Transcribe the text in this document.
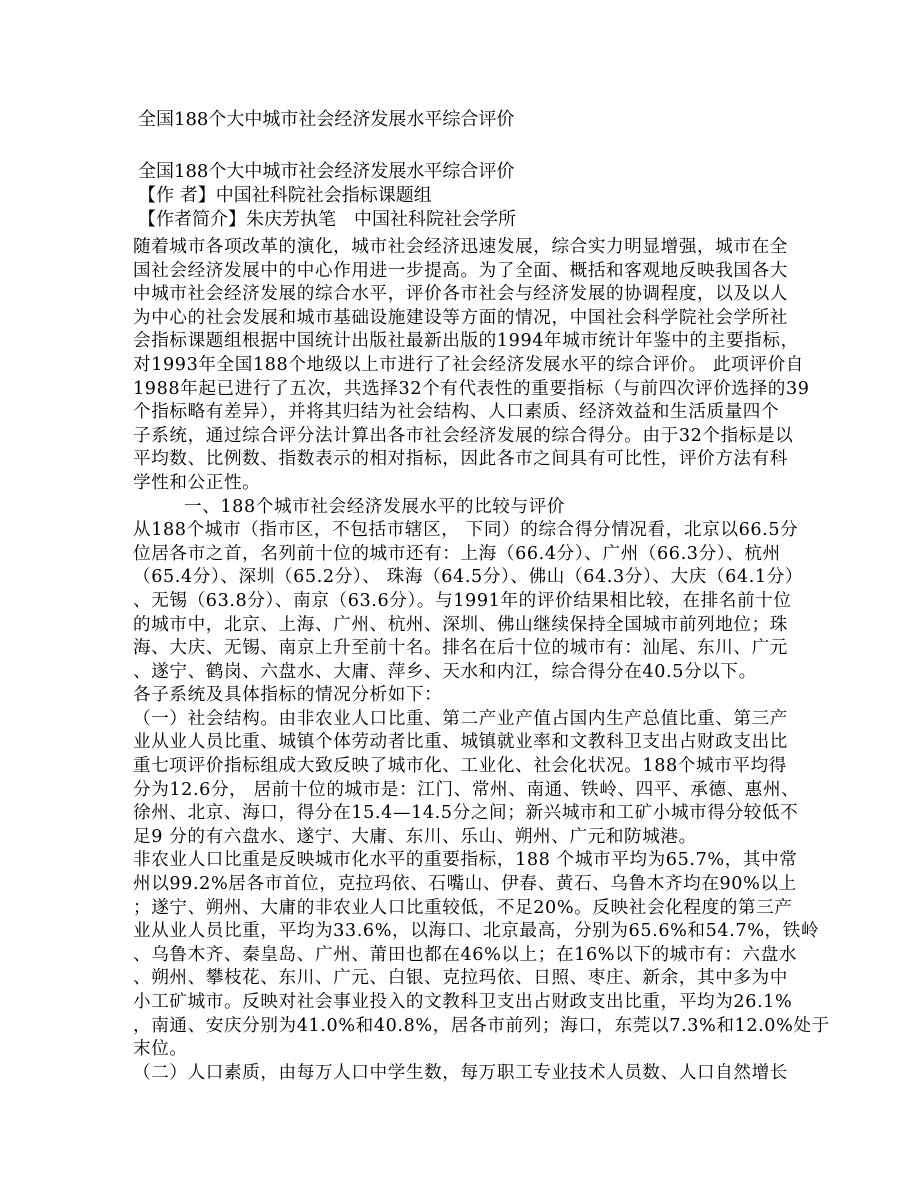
全国188个大中城市社会经济发展水平综合评价
全国188个大中城市社会经济发展水平综合评价
【作 者】中国社科院社会指标课题组
【作者简介】朱庆芳执笔　中国社科院社会学所
随着城市各项改革的演化，城市社会经济迅速发展，综合实力明显增强，城市在全
国社会经济发展中的中心作用进一步提高。为了全面、概括和客观地反映我国各大
中城市社会经济发展的综合水平，评价各市社会与经济发展的协调程度，以及以人
为中心的社会发展和城市基础设施建设等方面的情况，中国社会科学院社会学所社
会指标课题组根据中国统计出版社最新出版的1994年城市统计年鉴中的主要指标，
对1993年全国188个地级以上市进行了社会经济发展水平的综合评价。 此项评价自
1988年起已进行了五次，共选择32个有代表性的重要指标（与前四次评价选择的39
个指标略有差异），并将其归结为社会结构、人口素质、经济效益和生活质量四个
子系统，通过综合评分法计算出各市社会经济发展的综合得分。由于32个指标是以
平均数、比例数、指数表示的相对指标，因此各市之间具有可比性，评价方法有科
学性和公正性。
一、188个城市社会经济发展水平的比较与评价
从188个城市（指市区，不包括市辖区， 下同）的综合得分情况看，北京以66.5分
位居各市之首，名列前十位的城市还有：上海（66.4分）、广州（66.3分）、杭州
（65.4分）、深圳（65.2分）、 珠海（64.5分）、佛山（64.3分）、大庆（64.1分）
、无锡（63.8分）、南京（63.6分）。与1991年的评价结果相比较，在排名前十位
的城市中，北京、上海、广州、杭州、深圳、佛山继续保持全国城市前列地位；珠
海、大庆、无锡、南京上升至前十名。排名在后十位的城市有：汕尾、东川、广元
、遂宁、鹤岗、六盘水、大庸、萍乡、天水和内江，综合得分在40.5分以下。
各子系统及具体指标的情况分析如下：
（一）社会结构。由非农业人口比重、第二产业产值占国内生产总值比重、第三产
业从业人员比重、城镇个体劳动者比重、城镇就业率和文教科卫支出占财政支出比
重七项评价指标组成大致反映了城市化、工业化、社会化状况。188个城市平均得
分为12.6分， 居前十位的城市是：江门、常州、南通、铁岭、四平、承德、惠州、
徐州、北京、海口，得分在15.4—14.5分之间；新兴城市和工矿小城市得分较低不
足9 分的有六盘水、遂宁、大庸、东川、乐山、朔州、广元和防城港。
非农业人口比重是反映城市化水平的重要指标，188 个城市平均为65.7%，其中常
州以99.2%居各市首位，克拉玛依、石嘴山、伊春、黄石、乌鲁木齐均在90%以上
；遂宁、朔州、大庸的非农业人口比重较低，不足20%。反映社会化程度的第三产
业从业人员比重，平均为33.6%，以海口、北京最高，分别为65.6%和54.7%，铁岭
、乌鲁木齐、秦皇岛、广州、莆田也都在46%以上；在16%以下的城市有：六盘水
、朔州、攀枝花、东川、广元、白银、克拉玛依、日照、枣庄、新余，其中多为中
小工矿城市。反映对社会事业投入的文教科卫支出占财政支出比重，平均为26.1%
，南通、安庆分别为41.0%和40.8%，居各市前列；海口，东莞以7.3%和12.0%处于
末位。
（二）人口素质，由每万人口中学生数，每万职工专业技术人员数、人口自然增长
